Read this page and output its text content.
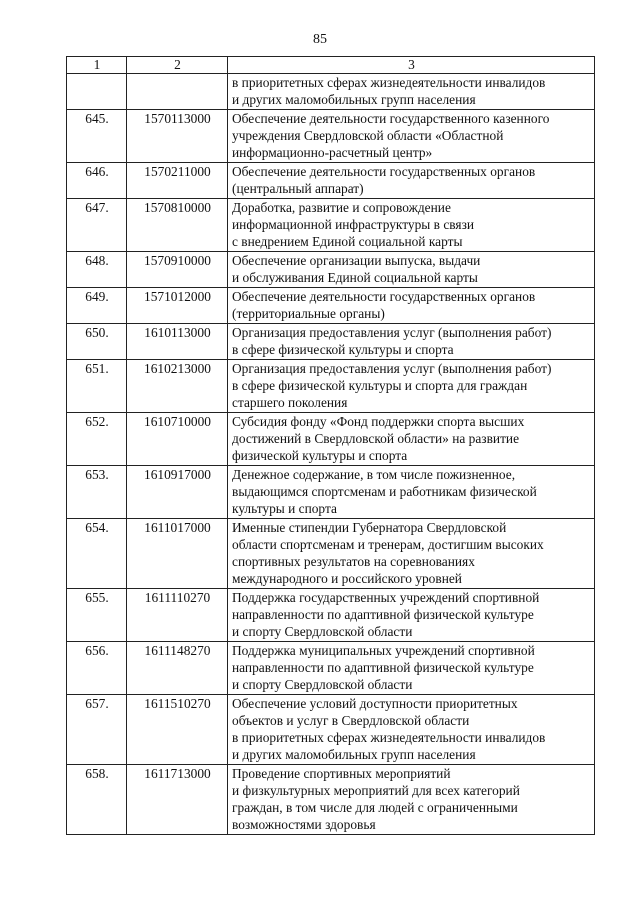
85
1	2	3

		в приоритетных сферах жизнедеятельности инвалидов
и других маломобильных групп населения

645.	1570113000	Обеспечение деятельности государственного казенного
учреждения Свердловской области «Областной
информационно-расчетный центр»

646.	1570211000	Обеспечение деятельности государственных органов
(центральный аппарат)

647.	1570810000	Доработка, развитие и сопровождение
информационной инфраструктуры в связи
с внедрением Единой социальной карты

648.	1570910000	Обеспечение организации выпуска, выдачи
и обслуживания Единой социальной карты

649.	1571012000	Обеспечение деятельности государственных органов
(территориальные органы)

650.	1610113000	Организация предоставления услуг (выполнения работ)
в сфере физической культуры и спорта

651.	1610213000	Организация предоставления услуг (выполнения работ)
в сфере физической культуры и спорта для граждан
старшего поколения

652.	1610710000	Субсидия фонду «Фонд поддержки спорта высших
достижений в Свердловской области» на развитие
физической культуры и спорта

653.	1610917000	Денежное содержание, в том числе пожизненное,
выдающимся спортсменам и работникам физической
культуры и спорта

654.	1611017000	Именные стипендии Губернатора Свердловской
области спортсменам и тренерам, достигшим высоких
спортивных результатов на соревнованиях
международного и российского уровней

655.	1611110270	Поддержка государственных учреждений спортивной
направленности по адаптивной физической культуре
и спорту Свердловской области

656.	1611148270	Поддержка муниципальных учреждений спортивной
направленности по адаптивной физической культуре
и спорту Свердловской области

657.	1611510270	Обеспечение условий доступности приоритетных
объектов и услуг в Свердловской области
в приоритетных сферах жизнедеятельности инвалидов
и других маломобильных групп населения

658.	1611713000	Проведение спортивных мероприятий
и физкультурных мероприятий для всех категорий
граждан, в том числе для людей с ограниченными
возможностями здоровья
